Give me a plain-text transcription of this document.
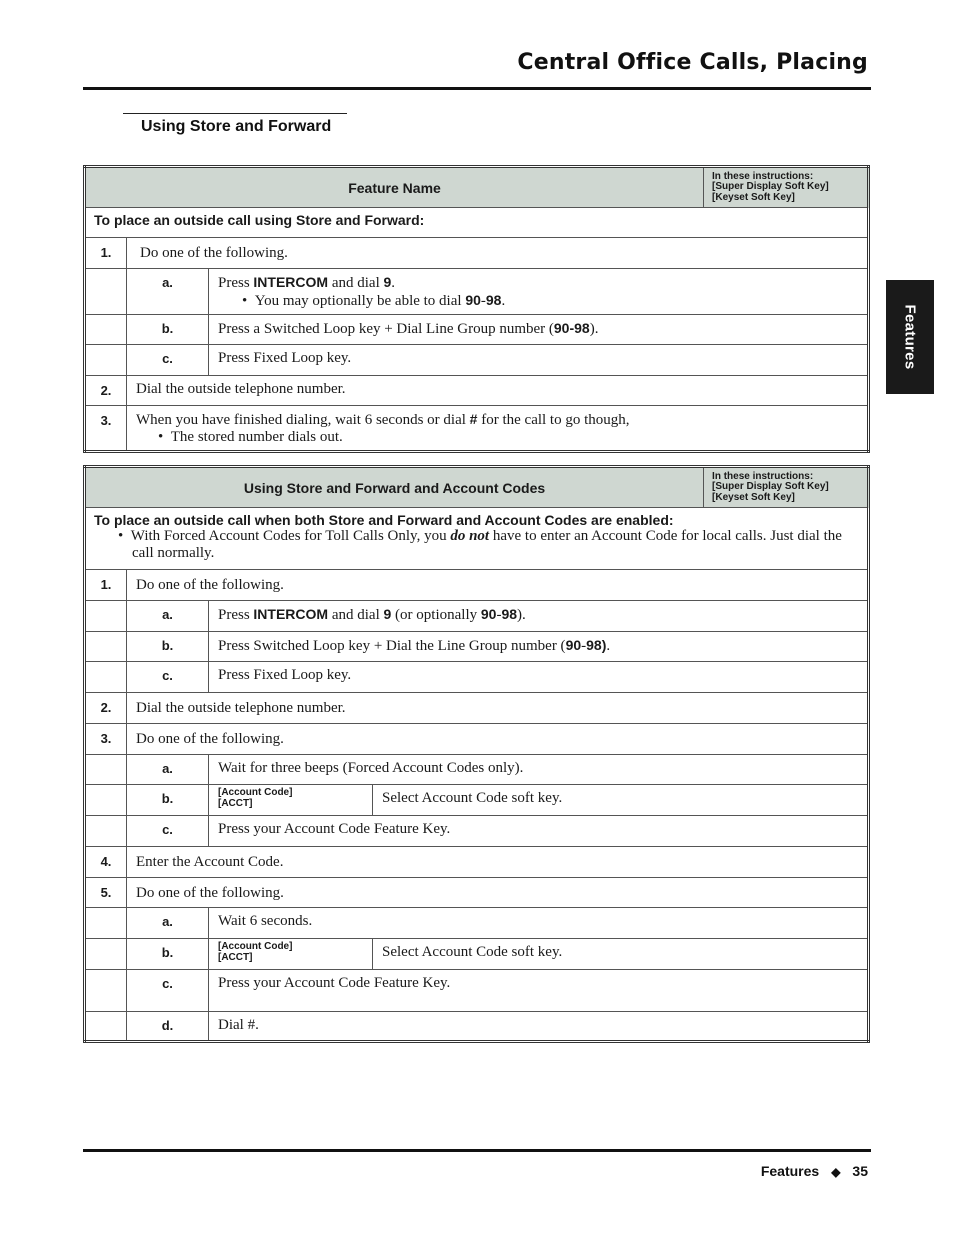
Central Office Calls, Placing
Using Store and Forward
Features
Feature Name			In these instructions:
[Super Display Soft Key]
[Keyset Soft Key]

To place an outside call using Store and Forward:			
1.	Do one of the following.		
	a.	Press INTERCOM and dial 9.
• You may optionally be able to dial 90-98.	

	b.	Press a Switched Loop key + Dial Line Group number (90-98).	
	c.	Press Fixed Loop key.	
2.	Dial the outside telephone number.		
3.	When you have finished dialing, wait 6 seconds or dial # for the call to go though,
• The stored number dials out.		
Using Store and Forward and Account Codes				In these instructions:
[Super Display Soft Key]
[Keyset Soft Key]

To place an outside call when both Store and Forward and Account Codes are enabled:
• With Forced Account Codes for Toll Calls Only, you do not have to enter an Account Code for local calls. Just dial the call normally.				

1.	Do one of the following.			
	a.	Press INTERCOM and dial 9 (or optionally 90-98).		
	b.	Press Switched Loop key + Dial the Line Group number (90-98).		
	c.	Press Fixed Loop key.		
2.	Dial the outside telephone number.			
3.	Do one of the following.			
	a.	Wait for three beeps (Forced Account Codes only).		
	b.	[Account Code]
[ACCT]	Select Account Code soft key.	
	c.	Press your Account Code Feature Key.		
4.	Enter the Account Code.			
5.	Do one of the following.			
	a.	Wait 6 seconds.		
	b.	[Account Code]
[ACCT]	Select Account Code soft key.	
	c.	Press your Account Code Feature Key.		
	d.	Dial #.		
Features ◆ 35
